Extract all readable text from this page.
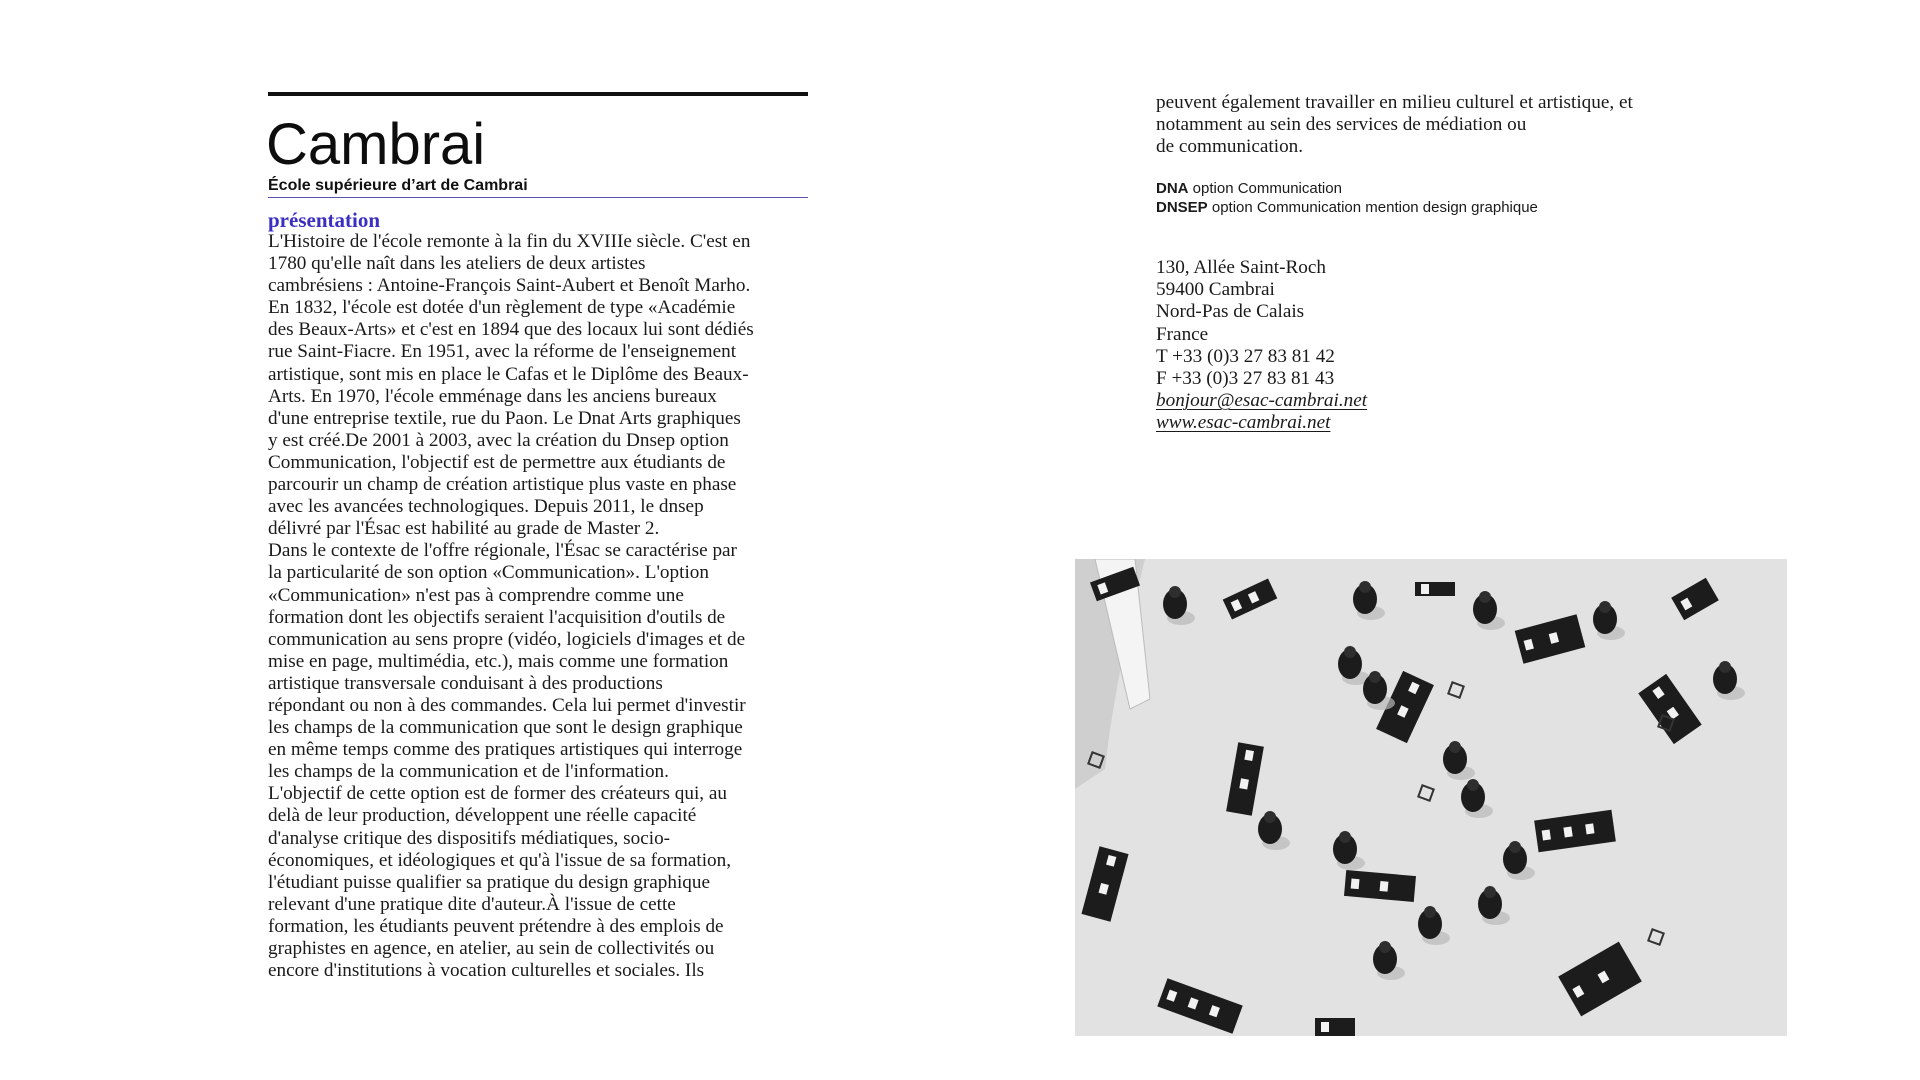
Cambrai
École supérieure d’art de Cambrai
présentation

L'Histoire de l'école remonte à la fin du XVIIIe siècle. C'est en
1780 qu'elle naît dans les ateliers de deux artistes
cambrésiens : Antoine-François Saint-Aubert et Benoît Marho.
En 1832, l'école est dotée d'un règlement de type «Académie
des Beaux-Arts» et c'est en 1894 que des locaux lui sont dédiés
rue Saint-Fiacre. En 1951, avec la réforme de l'enseignement
artistique, sont mis en place le Cafas et le Diplôme des Beaux-
Arts. En 1970, l'école emménage dans les anciens bureaux
d'une entreprise textile, rue du Paon. Le Dnat Arts graphiques
y est créé.De 2001 à 2003, avec la création du Dnsep option
Communication, l'objectif est de permettre aux étudiants de
parcourir un champ de création artistique plus vaste en phase
avec les avancées technologiques. Depuis 2011, le dnsep
délivré par l'Ésac est habilité au grade de Master 2.
Dans le contexte de l'offre régionale, l'Ésac se caractérise par
la particularité de son option «Communication». L'option
«Communication» n'est pas à comprendre comme une
formation dont les objectifs seraient l'acquisition d'outils de
communication au sens propre (vidéo, logiciels d'images et de
mise en page, multimédia, etc.), mais comme une formation
artistique transversale conduisant à des productions
répondant ou non à des commandes. Cela lui permet d'investir
les champs de la communication que sont le design graphique
en même temps comme des pratiques artistiques qui interroge
les champs de la communication et de l'information.
L'objectif de cette option est de former des créateurs qui, au
delà de leur production, développent une réelle capacité
d'analyse critique des dispositifs médiatiques, socio-
économiques, et idéologiques et qu'à l'issue de sa formation,
l'étudiant puisse qualifier sa pratique du design graphique
relevant d'une pratique dite d'auteur.À l'issue de cette
formation, les étudiants peuvent prétendre à des emplois de
graphistes en agence, en atelier, au sein de collectivités ou
encore d'institutions à vocation culturelles et sociales. Ils

peuvent également travailler en milieu culturel et artistique, et
notamment au sein des services de médiation ou
de communication.

DNA option Communication
DNSEP option Communication mention design graphique
130, Allée Saint-Roch
59400 Cambrai
Nord-Pas de Calais
France
T +33 (0)3 27 83 81 42
F +33 (0)3 27 83 81 43
bonjour@esac-cambrai.net
www.esac-cambrai.net
